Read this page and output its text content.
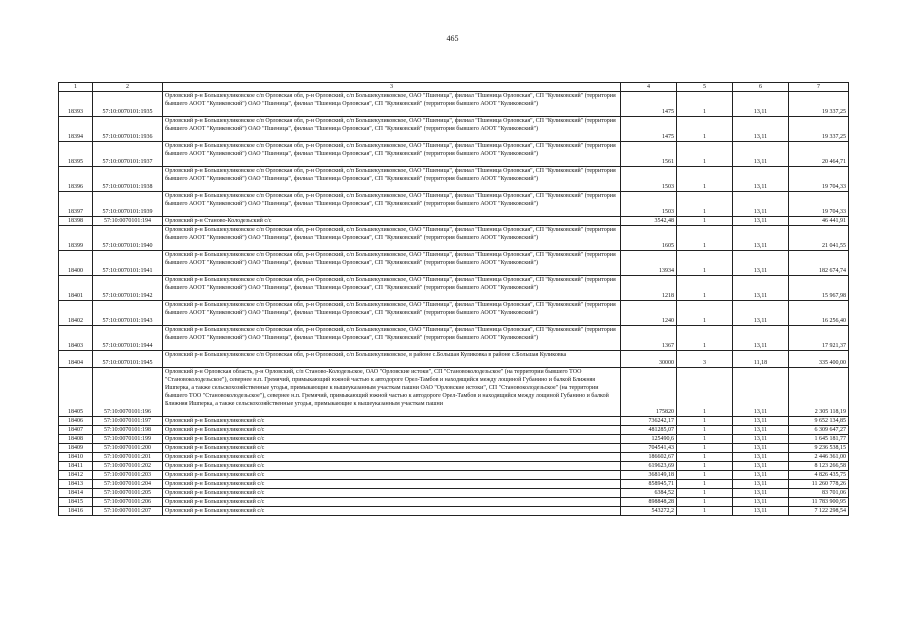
465
1	2	3	4	5	6	7
18393	57:10:0070101:1935	Орловский р-н Большекуликовское с/п Орловская обл, р-н Орловский, с/п Большекуликовское, ОАО "Пшеница", филиал "Пшеница Орловская", СП "Куликовский" (территория бывшего АООТ "Куликовский") ОАО "Пшеница", филиал "Пшеница Орловская", СП "Куликовский" (территория бывшего АООТ "Куликовский")	1475	1	13,11	19 337,25
18394	57:10:0070101:1936	Орловский р-н Большекуликовское с/п Орловская обл, р-н Орловский, с/п Большекуликовское, ОАО "Пшеница", филиал "Пшеница Орловская", СП "Куликовский" (территория бывшего АООТ "Куликовский") ОАО "Пшеница", филиал "Пшеница Орловская", СП "Куликовский" (территория бывшего АООТ "Куликовский")	1475	1	13,11	19 337,25
18395	57:10:0070101:1937	Орловский р-н Большекуликовское с/п Орловская обл, р-н Орловский, с/п Большекуликовское, ОАО "Пшеница", филиал "Пшеница Орловская", СП "Куликовский" (территория бывшего АООТ "Куликовский") ОАО "Пшеница", филиал "Пшеница Орловская", СП "Куликовский" (территория бывшего АООТ "Куликовский")	1561	1	13,11	20 464,71
18396	57:10:0070101:1938	Орловский р-н Большекуликовское с/п Орловская обл, р-н Орловский, с/п Большекуликовское, ОАО "Пшеница", филиал "Пшеница Орловская", СП "Куликовский" (территория бывшего АООТ "Куликовский") ОАО "Пшеница", филиал "Пшеница Орловская", СП "Куликовский" (территория бывшего АООТ "Куликовский")	1503	1	13,11	19 704,33
18397	57:10:0070101:1939	Орловский р-н Большекуликовское с/п Орловская обл, р-н Орловский, с/п Большекуликовское, ОАО "Пшеница", филиал "Пшеница Орловская", СП "Куликовский" (территория бывшего АООТ "Куликовский") ОАО "Пшеница", филиал "Пшеница Орловская", СП "Куликовский" (территория бывшего АООТ "Куликовский")	1503	1	13,11	19 704,33
18398	57:10:0070101:194	Орловский р-н Станово-Колодезьский с/с	3542,48	1	13,11	46 441,91
18399	57:10:0070101:1940	Орловский р-н Большекуликовское с/п Орловская обл, р-н Орловский, с/п Большекуликовское, ОАО "Пшеница", филиал "Пшеница Орловская", СП "Куликовский" (территория бывшего АООТ "Куликовский") ОАО "Пшеница", филиал "Пшеница Орловская", СП "Куликовский" (территория бывшего АООТ "Куликовский")	1605	1	13,11	21 041,55
18400	57:10:0070101:1941	Орловский р-н Большекуликовское с/п Орловская обл, р-н Орловский, с/п Большекуликовское, ОАО "Пшеница", филиал "Пшеница Орловская", СП "Куликовский" (территория бывшего АООТ "Куликовский") ОАО "Пшеница", филиал "Пшеница Орловская", СП "Куликовский" (территория бывшего АООТ "Куликовский")	13934	1	13,11	182 674,74
18401	57:10:0070101:1942	Орловский р-н Большекуликовское с/п Орловская обл, р-н Орловский, с/п Большекуликовское, ОАО "Пшеница", филиал "Пшеница Орловская", СП "Куликовский" (территория бывшего АООТ "Куликовский") ОАО "Пшеница", филиал "Пшеница Орловская", СП "Куликовский" (территория бывшего АООТ "Куликовский")	1218	1	13,11	15 967,98
18402	57:10:0070101:1943	Орловский р-н Большекуликовское с/п Орловская обл, р-н Орловский, с/п Большекуликовское, ОАО "Пшеница", филиал "Пшеница Орловская", СП "Куликовский" (территория бывшего АООТ "Куликовский") ОАО "Пшеница", филиал "Пшеница Орловская", СП "Куликовский" (территория бывшего АООТ "Куликовский")	1240	1	13,11	16 256,40
18403	57:10:0070101:1944	Орловский р-н Большекуликовское с/п Орловская обл, р-н Орловский, с/п Большекуликовское, ОАО "Пшеница", филиал "Пшеница Орловская", СП "Куликовский" (территория бывшего АООТ "Куликовский") ОАО "Пшеница", филиал "Пшеница Орловская", СП "Куликовский" (территория бывшего АООТ "Куликовский")	1367	1	13,11	17 921,37
18404	57:10:0070101:1945	Орловский р-н Большекуликовское с/п Орловская обл, р-н Орловский, с/п Большекуликовское, в районе с.Большая Куликовка в районе с.Большая Куликовка	30000	3	11,18	335 400,00
18405	57:10:0070101:196	Орловский р-н Орловская область, р-н Орловский, с/п Станово-Колодезьское, ОАО "Орловские истоки", СП "Становоколодезьское" (на территории бывшего ТОО "Становоколодезьское"), севернее н.п. Гремячий, примыкающий южной частью к автодороге Орел-Тамбов и находящийся между лощиной Губанино и балкой Ближняя Ишперка, а также сельскохозяйственные угодья, примыкающие к вышеуказанным участкам пашни ОАО "Орловские истоки", СП "Становоколодезьское" (на территории бывшего ТОО "Становоколодезьское"), севернее н.п. Гремячий, примыкающий южной частью к автодороге Орел-Тамбов и находящийся между лощиной Губанино и балкой Ближняя Ишперка, а также сельскохозяйственные угодья, примыкающие к вышеуказанным участкам пашни	175820	1	13,11	2 305 118,19
18406	57:10:0070101:197	Орловский р-н Большекуликовский с/с	736242,17	1	13,11	9 652 134,85
18407	57:10:0070101:198	Орловский р-н Большекуликовский с/с	481285,07	1	13,11	6 309 647,27
18408	57:10:0070101:199	Орловский р-н Большекуликовский с/с	125490,6	1	13,11	1 645 181,77
18409	57:10:0070101:200	Орловский р-н Большекуликовский с/с	704541,43	1	13,11	9 236 538,15
18410	57:10:0070101:201	Орловский р-н Большекуликовский с/с	186602,67	1	13,11	2 446 361,00
18411	57:10:0070101:202	Орловский р-н Большекуликовский с/с	619623,69	1	13,11	8 123 266,58
18412	57:10:0070101:203	Орловский р-н Большекуликовский с/с	368149,18	1	13,11	4 826 435,75
18413	57:10:0070101:204	Орловский р-н Большекуликовский с/с	858945,71	1	13,11	11 260 778,26
18414	57:10:0070101:205	Орловский р-н Большекуликовский с/с	6384,52	1	13,11	83 701,06
18415	57:10:0070101:206	Орловский р-н Большекуликовский с/с	898848,28	1	13,11	11 783 900,95
18416	57:10:0070101:207	Орловский р-н Большекуликовский с/с	543272,2	1	13,11	7 122 298,54
